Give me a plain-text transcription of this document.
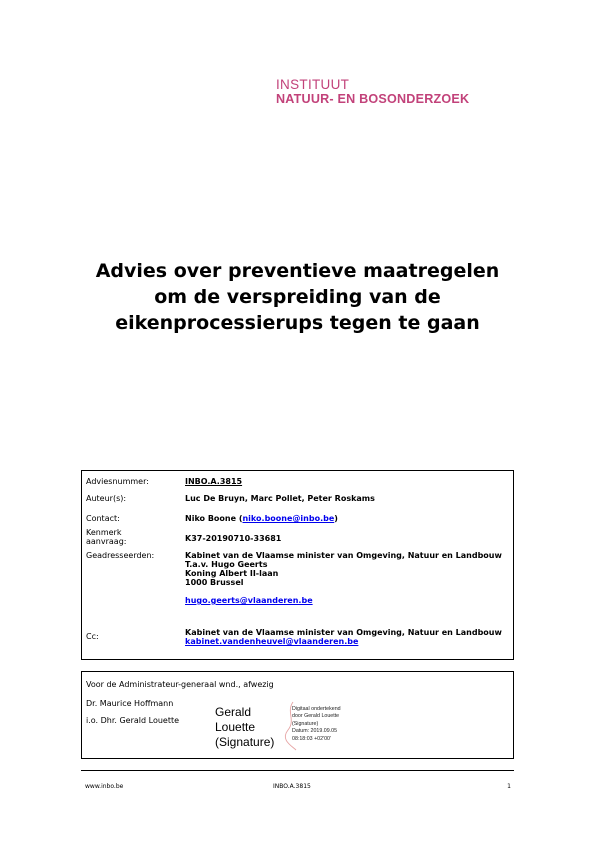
INSTITUUT
NATUUR- EN BOSONDERZOEK
Advies over preventieve maatregelen
om de verspreiding van de
eikenprocessierups tegen te gaan
Adviesnummer:	INBO.A.3815
Auteur(s):	Luc De Bruyn, Marc Pollet, Peter Roskams
Contact:	Niko Boone (niko.boone@inbo.be)
Kenmerk
aanvraag:	K37-20190710-33681
Geadresseerden:	Kabinet van de Vlaamse minister van Omgeving, Natuur en Landbouw
T.a.v. Hugo Geerts
Koning Albert II-laan
1000 Brussel
hugo.geerts@vlaanderen.be
Cc:	Kabinet van de Vlaamse minister van Omgeving, Natuur en Landbouw
kabinet.vandenheuvel@vlaanderen.be
Voor de Administrateur-generaal wnd., afwezig
Dr. Maurice Hoffmann
i.o. Dhr. Gerald Louette
Gerald
Louette
(Signature)
Digitaal ondertekend
door Gerald Louette
(Signature)
Datum: 2019.09.05
08:18:03 +02'00'
www.inbo.be	INBO.A.3815	1
